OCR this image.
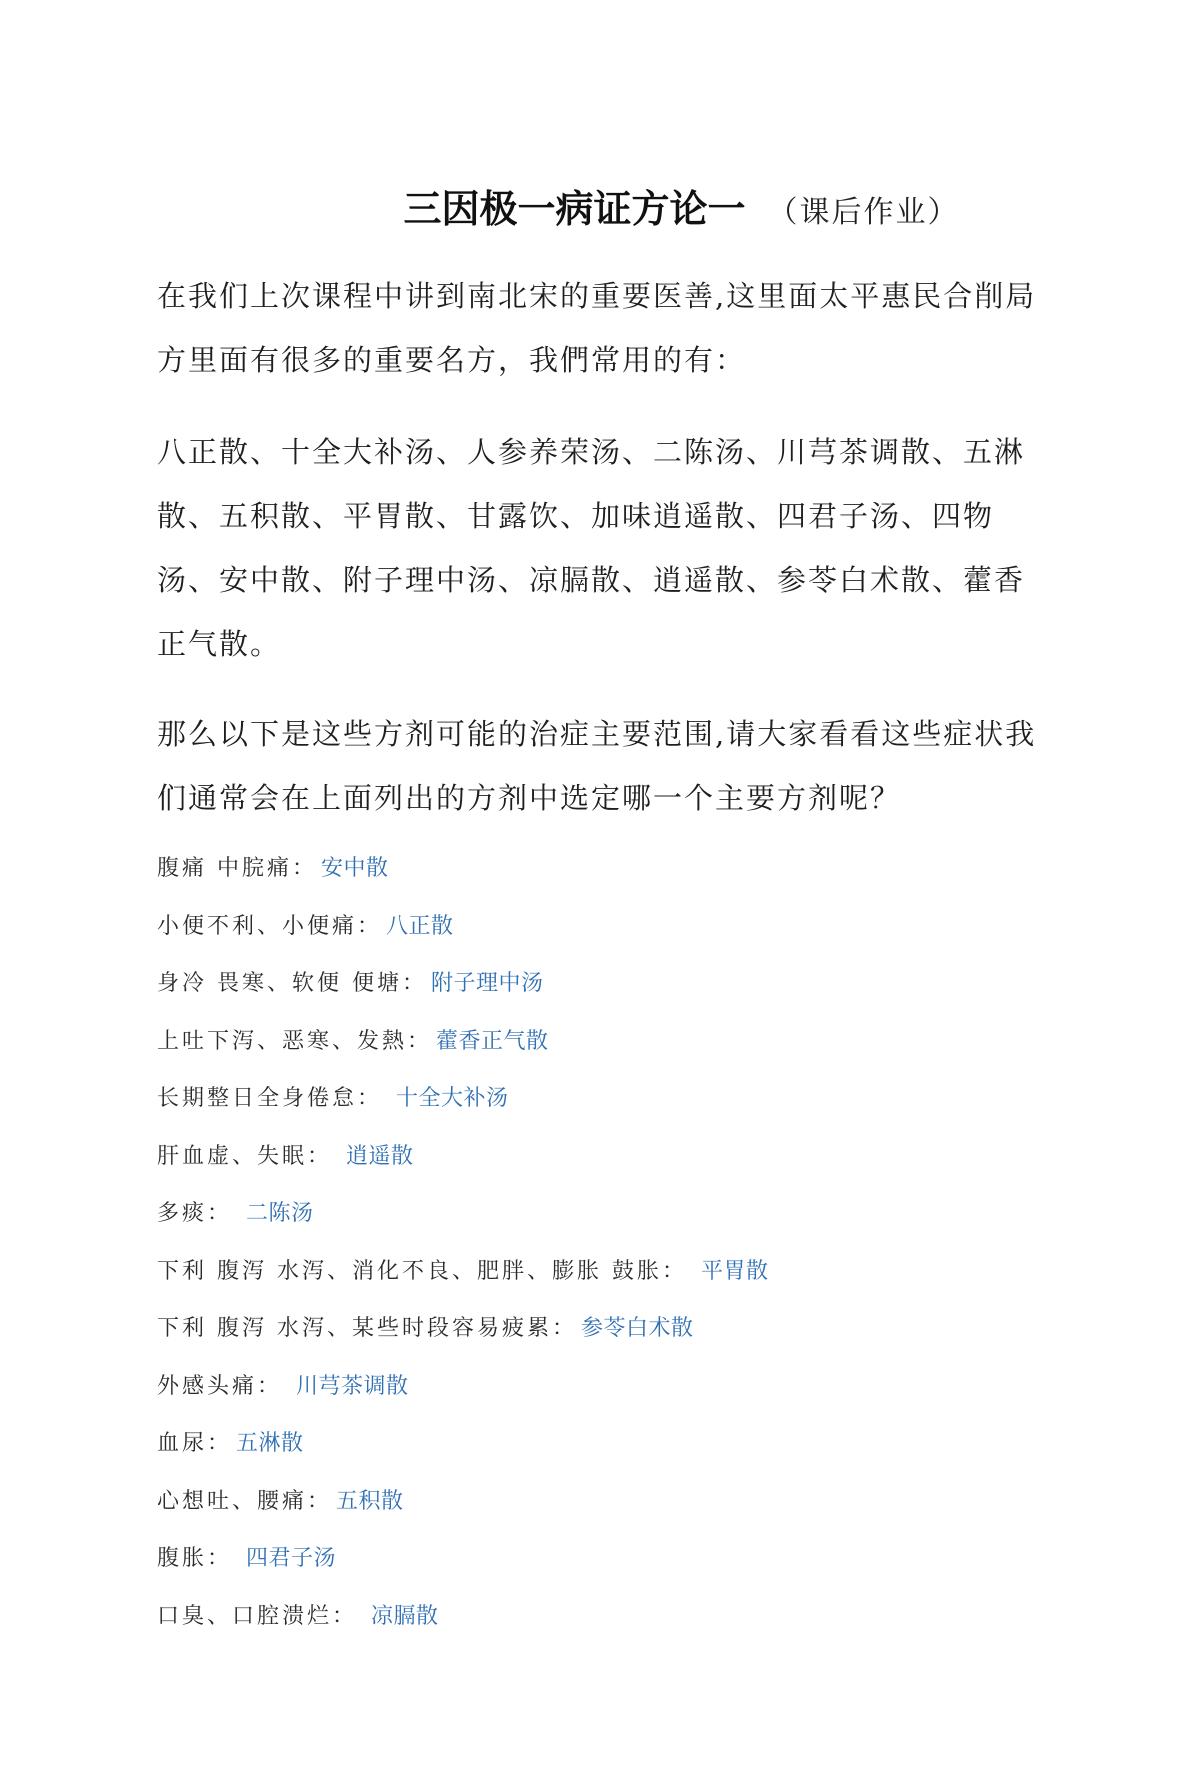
三因极一病证方论一 （课后作业）
在我们上次课程中讲到南北宋的重要医善,这里面太平惠民合削局方里面有很多的重要名方，我們常用的有：
八正散、十全大补汤、人参养荣汤、二陈汤、川芎茶调散、五淋散、五积散、平胃散、甘露饮、加味逍遥散、四君子汤、四物汤、安中散、附子理中汤、凉膈散、逍遥散、参苓白术散、藿香正气散。
那么以下是这些方剂可能的治症主要范围,请大家看看这些症状我们通常会在上面列出的方剂中选定哪一个主要方剂呢？
腹痛 中脘痛： 安中散
小便不利、小便痛： 八正散
身冷 畏寒、软便 便塘： 附子理中汤
上吐下泻、恶寒、发熱： 藿香正气散
长期整日全身倦怠： 十全大补汤
肝血虚、失眠： 逍遥散
多痰： 二陈汤
下利 腹泻 水泻、消化不良、肥胖、膨胀 鼓胀： 平胃散
下利 腹泻 水泻、某些时段容易疲累： 参苓白术散
外感头痛： 川芎茶调散
血尿： 五淋散
心想吐、腰痛： 五积散
腹胀： 四君子汤
口臭、口腔溃烂： 凉膈散
